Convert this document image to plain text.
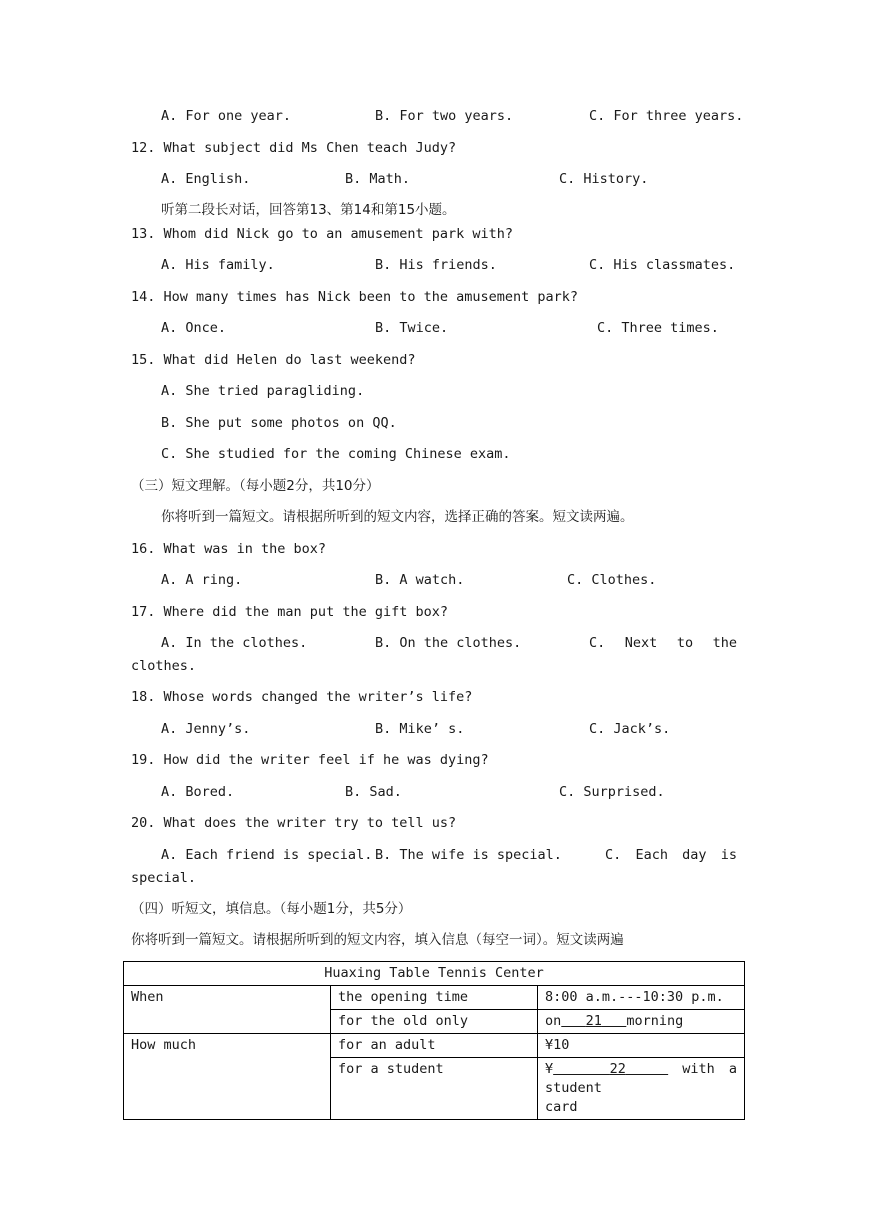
A. For one year.	B. For two years.	C. For three years.
12. What subject did Ms Chen teach Judy?
A. English.	B. Math.	C. History.
听第二段长对话，回答第13、第14和第15小题。
13. Whom did Nick go to an amusement park with?
A. His family.	B. His friends.	C. His classmates.
14. How many times has Nick been to the amusement park?
A. Once.	B. Twice.	C. Three times.
15. What did Helen do last weekend?
A. She tried paragliding.
B. She put some photos on QQ.
C. She studied for the coming Chinese exam.
（三）短文理解。（每小题2分，共10分）
你将听到一篇短文。请根据所听到的短文内容，选择正确的答案。短文读两遍。
16. What was in the box?
A. A ring.	B. A watch.	C. Clothes.
17. Where did the man put the gift box?
A. In the clothes.	B. On the clothes.	C. Next to the
clothes.
18. Whose words changed the writer’s life?
A. Jenny’s.	B. Mike’ s.	C. Jack’s.
19. How did the writer feel if he was dying?
A. Bored.	B. Sad.	C. Surprised.
20. What does the writer try to tell us?
A. Each friend is special. B. The wife is special.	C. Each day is
special.
（四）听短文，填信息。（每小题1分，共5分）
你将听到一篇短文。请根据所听到的短文内容，填入信息（每空一词）。短文读两遍
Huaxing Table Tennis Center		
When	the opening time	8:00 a.m.---10:30 p.m.
	for the old only	on 21 morning
How much	for an adult	¥10
	for a student	¥ 22 with a student
card
